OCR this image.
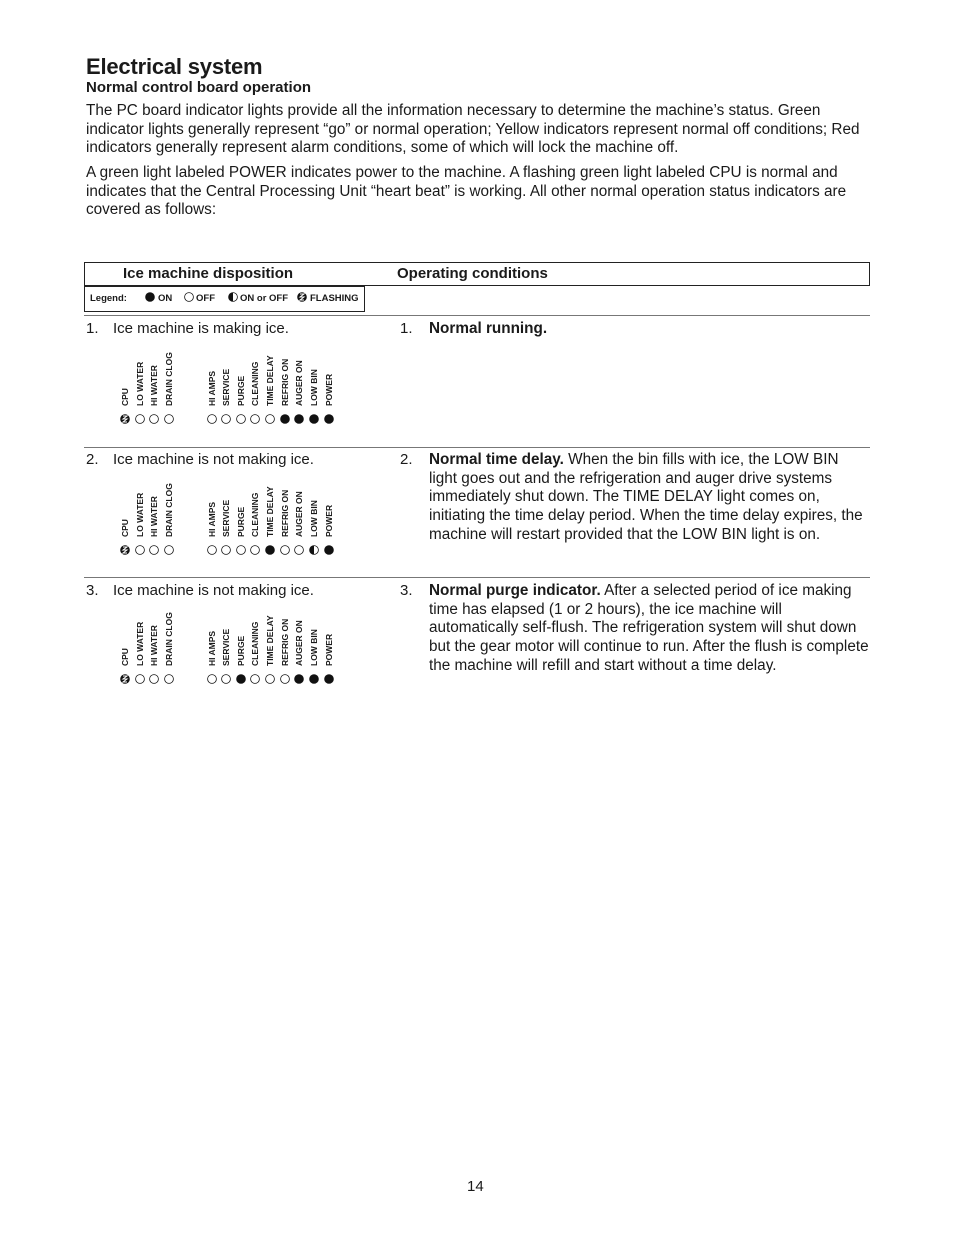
Electrical system
Normal control board operation

The PC board indicator lights provide all the information necessary to determine the machine’s status. Green indicator lights generally represent “go” or normal operation; Yellow indicators represent normal off conditions; Red indicators generally represent alarm conditions, some of which will lock the machine off.

A green light labeled POWER indicates power to the machine. A flashing green light labeled CPU is normal and indicates that the Central Processing Unit “heart beat” is working. All other normal operation status indicators are covered as follows:

Ice machine disposition	Operating conditions
Legend:	ON	OFF	ON or OFF FLASHING
1. Ice machine is making ice.	1. Normal running.
CPU LO WATER HI WATER DRAIN CLOG	HI AMPS SERVICE PURGE CLEANING TIME DELAY REFRIG ON AUGER ON LOW BIN POWER
2. Ice machine is not making ice.	2. Normal time delay. When the bin fills with ice, the LOW BIN light goes out and the refrigeration and auger drive systems immediately shut down. The TIME DELAY light comes on, initiating the time delay period. When the time delay expires, the machine will restart provided that the LOW BIN light is on.
CPU LO WATER HI WATER DRAIN CLOG	HI AMPS SERVICE PURGE CLEANING TIME DELAY REFRIG ON AUGER ON LOW BIN POWER
3. Ice machine is not making ice.	3. Normal purge indicator. After a selected period of ice making time has elapsed (1 or 2 hours), the ice machine will automatically self-flush. The refrigeration system will shut down but the gear motor will continue to run. After the flush is complete the machine will refill and start without a time delay.
CPU LO WATER HI WATER DRAIN CLOG	HI AMPS SERVICE PURGE CLEANING TIME DELAY REFRIG ON AUGER ON LOW BIN POWER
14
